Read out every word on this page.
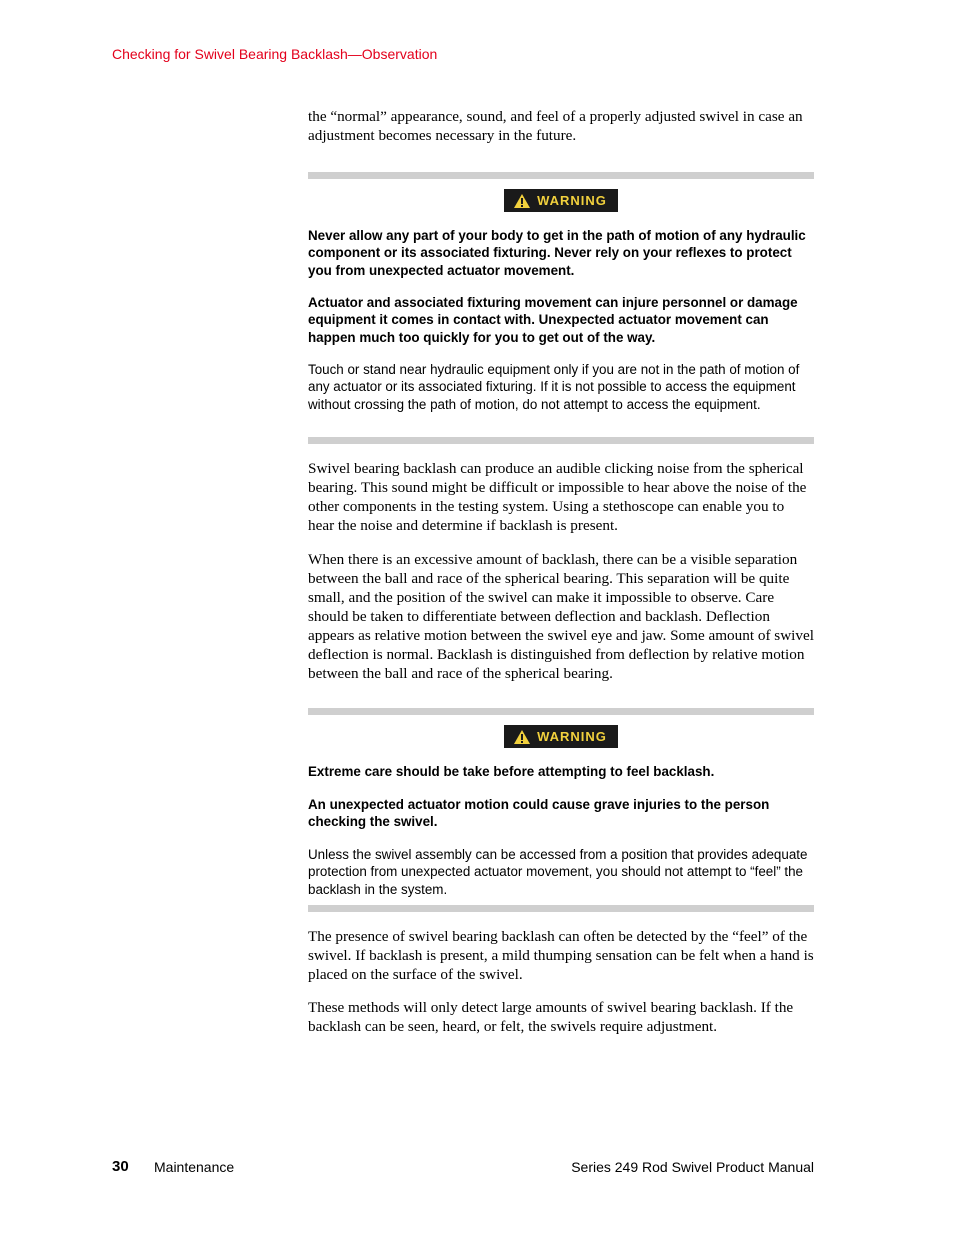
Checking for Swivel Bearing Backlash—Observation

the “normal” appearance, sound, and feel of a properly adjusted swivel in case an adjustment becomes necessary in the future.

WARNING

Never allow any part of your body to get in the path of motion of any hydraulic component or its associated fixturing. Never rely on your reflexes to protect you from unexpected actuator movement.

Actuator and associated fixturing movement can injure personnel or damage equipment it comes in contact with. Unexpected actuator movement can happen much too quickly for you to get out of the way.

Touch or stand near hydraulic equipment only if you are not in the path of motion of any actuator or its associated fixturing. If it is not possible to access the equipment without crossing the path of motion, do not attempt to access the equipment.

Swivel bearing backlash can produce an audible clicking noise from the spherical bearing. This sound might be difficult or impossible to hear above the noise of the other components in the testing system. Using a stethoscope can enable you to hear the noise and determine if backlash is present.

When there is an excessive amount of backlash, there can be a visible separation between the ball and race of the spherical bearing. This separation will be quite small, and the position of the swivel can make it impossible to observe. Care should be taken to differentiate between deflection and backlash. Deflection appears as relative motion between the swivel eye and jaw. Some amount of swivel deflection is normal. Backlash is distinguished from deflection by relative motion between the ball and race of the spherical bearing.

WARNING

Extreme care should be take before attempting to feel backlash.

An unexpected actuator motion could cause grave injuries to the person checking the swivel.

Unless the swivel assembly can be accessed from a position that provides adequate protection from unexpected actuator movement, you should not attempt to “feel” the backlash in the system.

The presence of swivel bearing backlash can often be detected by the “feel” of the swivel. If backlash is present, a mild thumping sensation can be felt when a hand is placed on the surface of the swivel.

These methods will only detect large amounts of swivel bearing backlash. If the backlash can be seen, heard, or felt, the swivels require adjustment.

30 Maintenance	Series 249 Rod Swivel Product Manual
